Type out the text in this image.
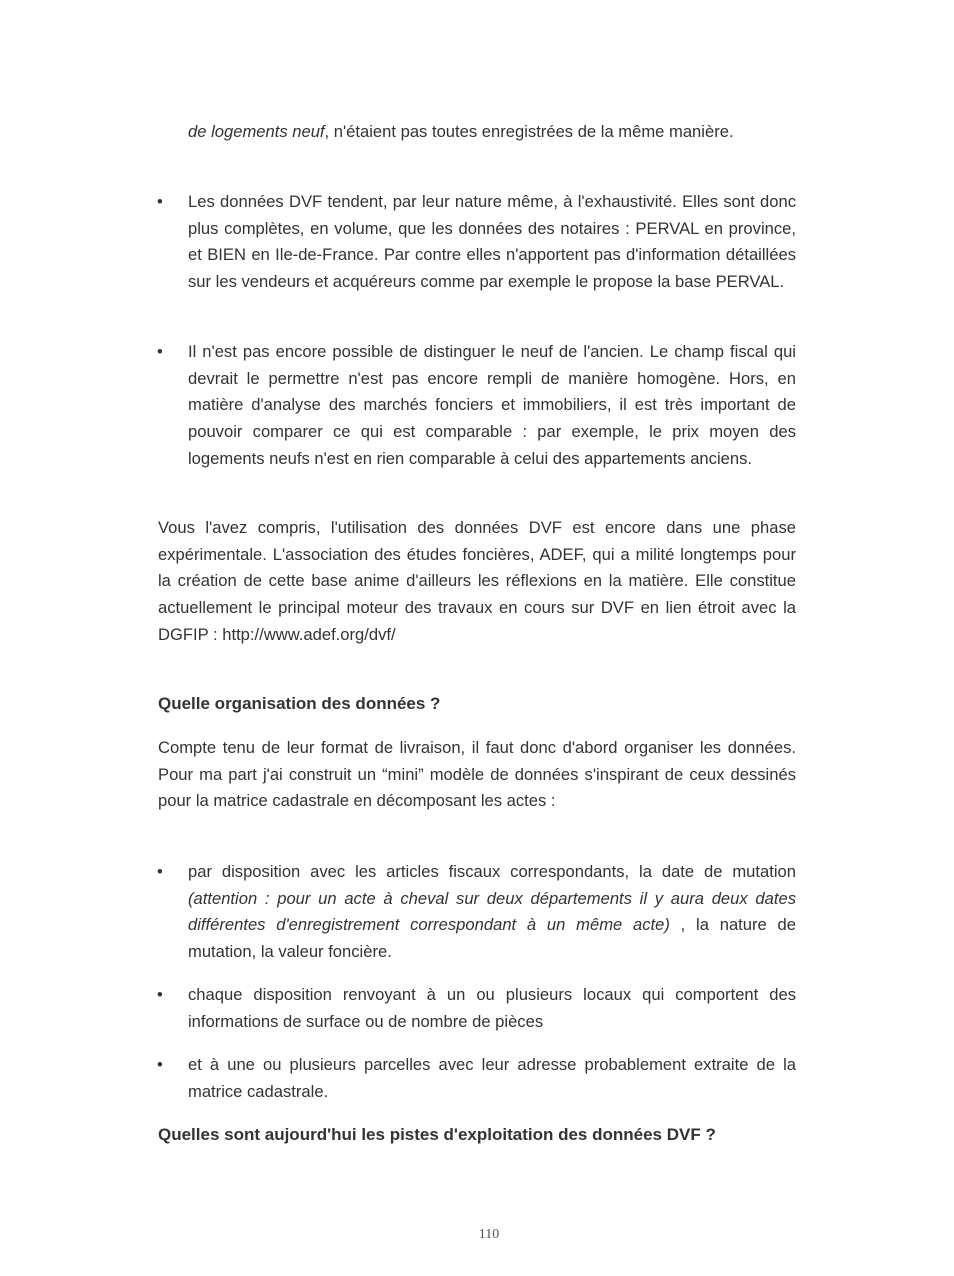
de logements neuf, n'étaient pas toutes enregistrées de la même manière.

• Les données DVF tendent, par leur nature même, à l'exhaustivité. Elles sont donc plus complètes, en volume, que les données des notaires : PERVAL en province, et BIEN en Ile-de-France. Par contre elles n'apportent pas d'information détaillées sur les vendeurs et acquéreurs comme par exemple le propose la base PERVAL.

• Il n'est pas encore possible de distinguer le neuf de l'ancien. Le champ fiscal qui devrait le permettre n'est pas encore rempli de manière homogène. Hors, en matière d'analyse des marchés fonciers et immobiliers, il est très important de pouvoir comparer ce qui est comparable : par exemple, le prix moyen des logements neufs n'est en rien comparable à celui des appartements anciens.

Vous l'avez compris, l'utilisation des données DVF est encore dans une phase expérimentale. L'association des études foncières, ADEF, qui a milité longtemps pour la création de cette base anime d'ailleurs les réflexions en la matière. Elle constitue actuellement le principal moteur des travaux en cours sur DVF en lien étroit avec la DGFIP : http://www.adef.org/dvf/

Quelle organisation des données ?

Compte tenu de leur format de livraison, il faut donc d'abord organiser les données. Pour ma part j'ai construit un “mini” modèle de données s'inspirant de ceux dessinés pour la matrice cadastrale en décomposant les actes :

• par disposition avec les articles fiscaux correspondants, la date de mutation (attention : pour un acte à cheval sur deux départements il y aura deux dates différentes d'enregistrement correspondant à un même acte) , la nature de mutation, la valeur foncière.

• chaque disposition renvoyant à un ou plusieurs locaux qui comportent des informations de surface ou de nombre de pièces

• et à une ou plusieurs parcelles avec leur adresse probablement extraite de la matrice cadastrale.

Quelles sont aujourd'hui les pistes d'exploitation des données DVF ?
110
